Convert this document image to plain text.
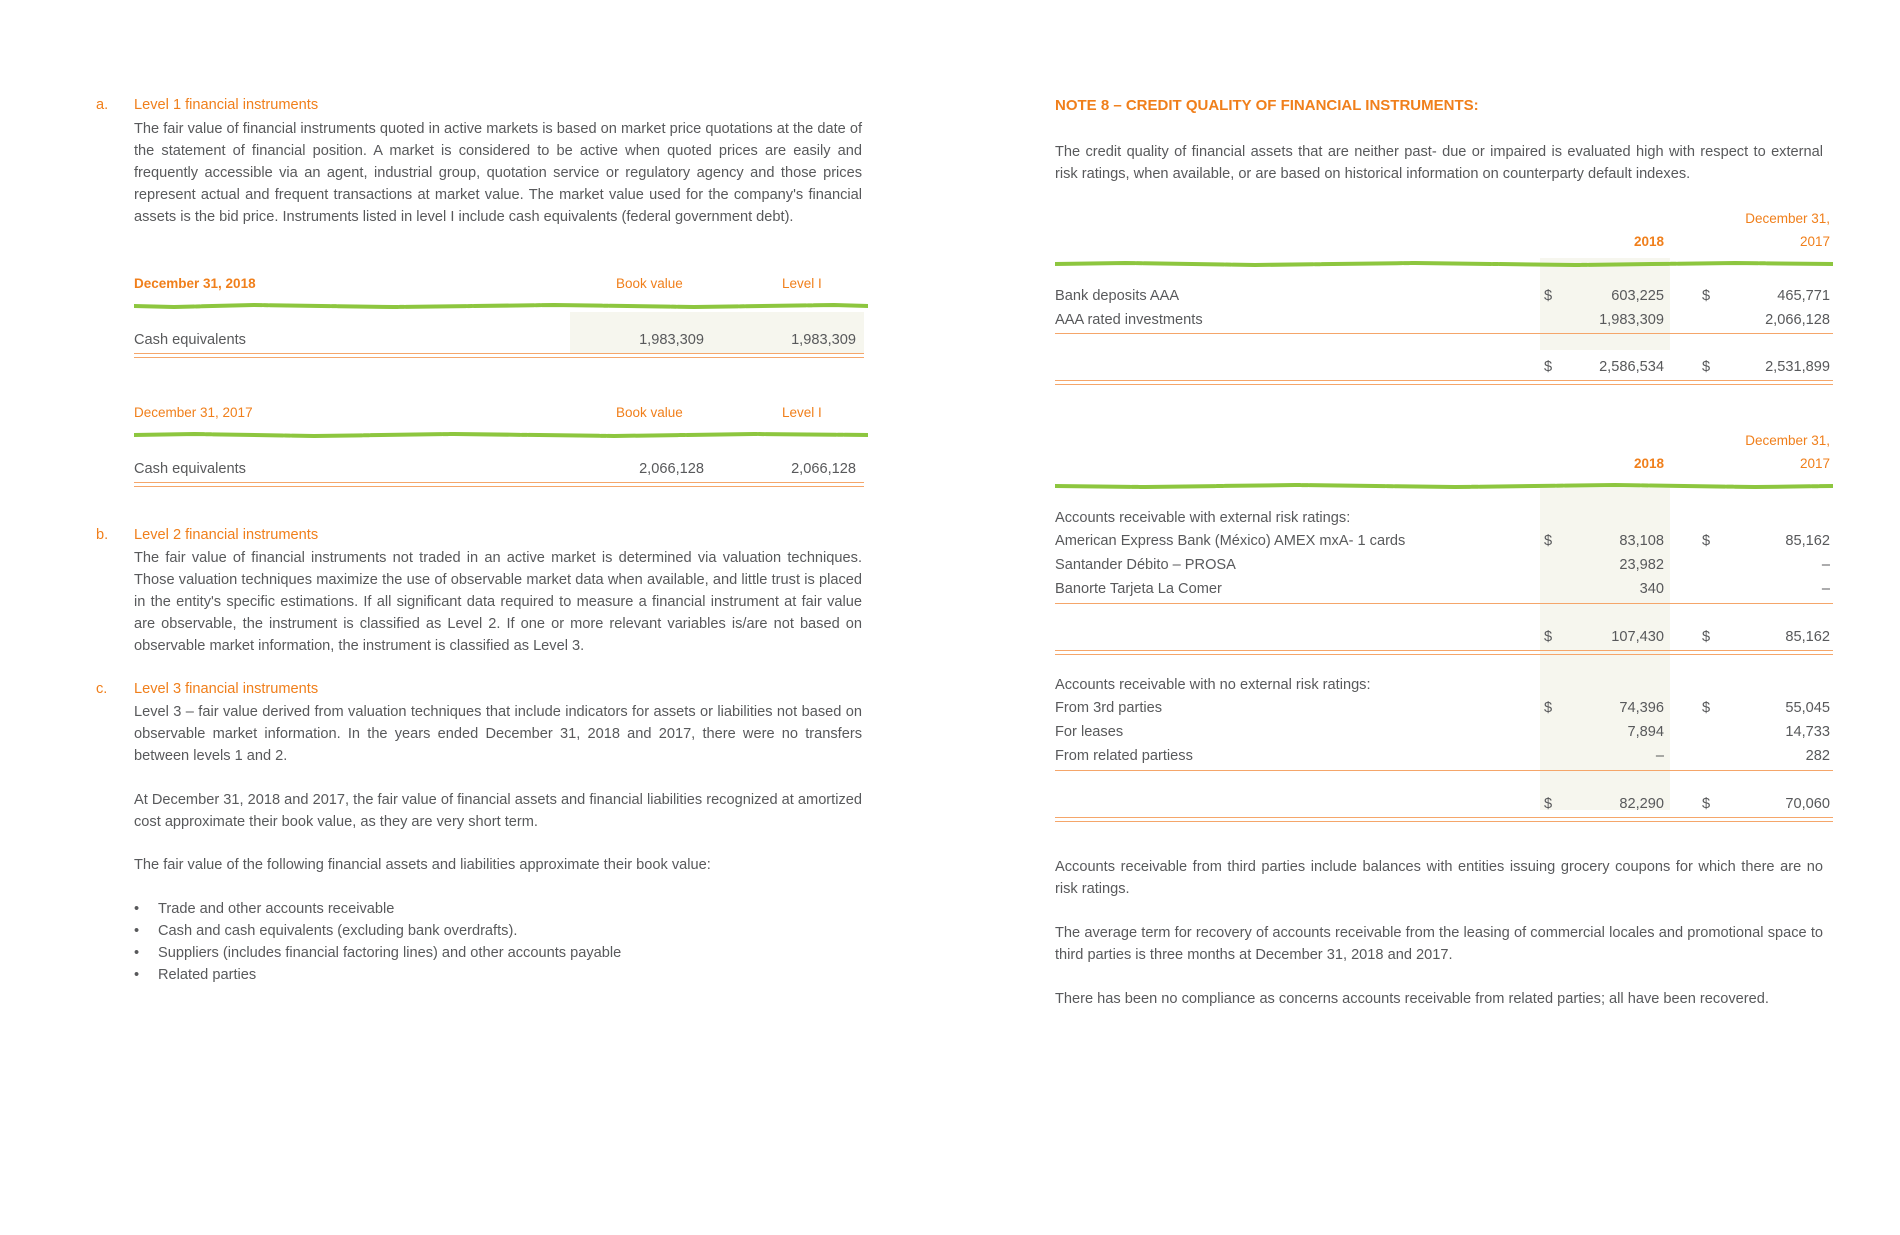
a.	Level 1 financial instruments

The fair value of financial instruments quoted in active markets is based on market price quotations at the date of the statement of financial position. A market is considered to be active when quoted prices are easily and frequently accessible via an agent, industrial group, quotation service or regulatory agency and those prices represent actual and frequent transactions at market value. The market value used for the company's financial assets is the bid price. Instruments listed in level I include cash equivalents (federal government debt).

December 31, 2018	Book value	Level I
Cash equivalents	1,983,309	1,983,309
December 31, 2017	Book value	Level I
Cash equivalents	2,066,128	2,066,128
b.	Level 2 financial instruments

The fair value of financial instruments not traded in an active market is determined via valuation techniques. Those valuation techniques maximize the use of observable market data when available, and little trust is placed in the entity's specific estimations. If all significant data required to measure a financial instrument at fair value are observable, the instrument is classified as Level 2. If one or more relevant variables is/are not based on observable market information, the instrument is classified as Level 3.

c.	Level 3 financial instruments

Level 3 – fair value derived from valuation techniques that include indicators for assets or liabilities not based on observable market information. In the years ended December 31, 2018 and 2017, there were no transfers between levels 1 and 2.

At December 31, 2018 and 2017, the fair value of financial assets and financial liabilities recognized at amortized cost approximate their book value, as they are very short term.

The fair value of the following financial assets and liabilities approximate their book value:

• Trade and other accounts receivable
• Cash and cash equivalents (excluding bank overdrafts).
• Suppliers (includes financial factoring lines) and other accounts payable
• Related parties
NOTE 8 – CREDIT QUALITY OF FINANCIAL INSTRUMENTS:

The credit quality of financial assets that are neither past- due or impaired is evaluated high with respect to external risk ratings, when available, or are based on historical information on counterparty default indexes.

December 31,
2018	2017
Bank deposits AAA	$	603,225	$	465,771
AAA rated investments	1,983,309	2,066,128
$	2,586,534	$	2,531,899
December 31,
2018	2017
Accounts receivable with external risk ratings:
American Express Bank (México) AMEX mxA- 1 cards	$	83,108	$	85,162
Santander Débito – PROSA	23,982	–
Banorte Tarjeta La Comer	340	–
$	107,430	$	85,162
Accounts receivable with no external risk ratings:
From 3rd parties	$	74,396	$	55,045
For leases	7,894	14,733
From related partiess	–	282
$	82,290	$	70,060

Accounts receivable from third parties include balances with entities issuing grocery coupons for which there are no risk ratings.

The average term for recovery of accounts receivable from the leasing of commercial locales and promotional space to third parties is three months at December 31, 2018 and 2017.

There has been no compliance as concerns accounts receivable from related parties; all have been recovered.
